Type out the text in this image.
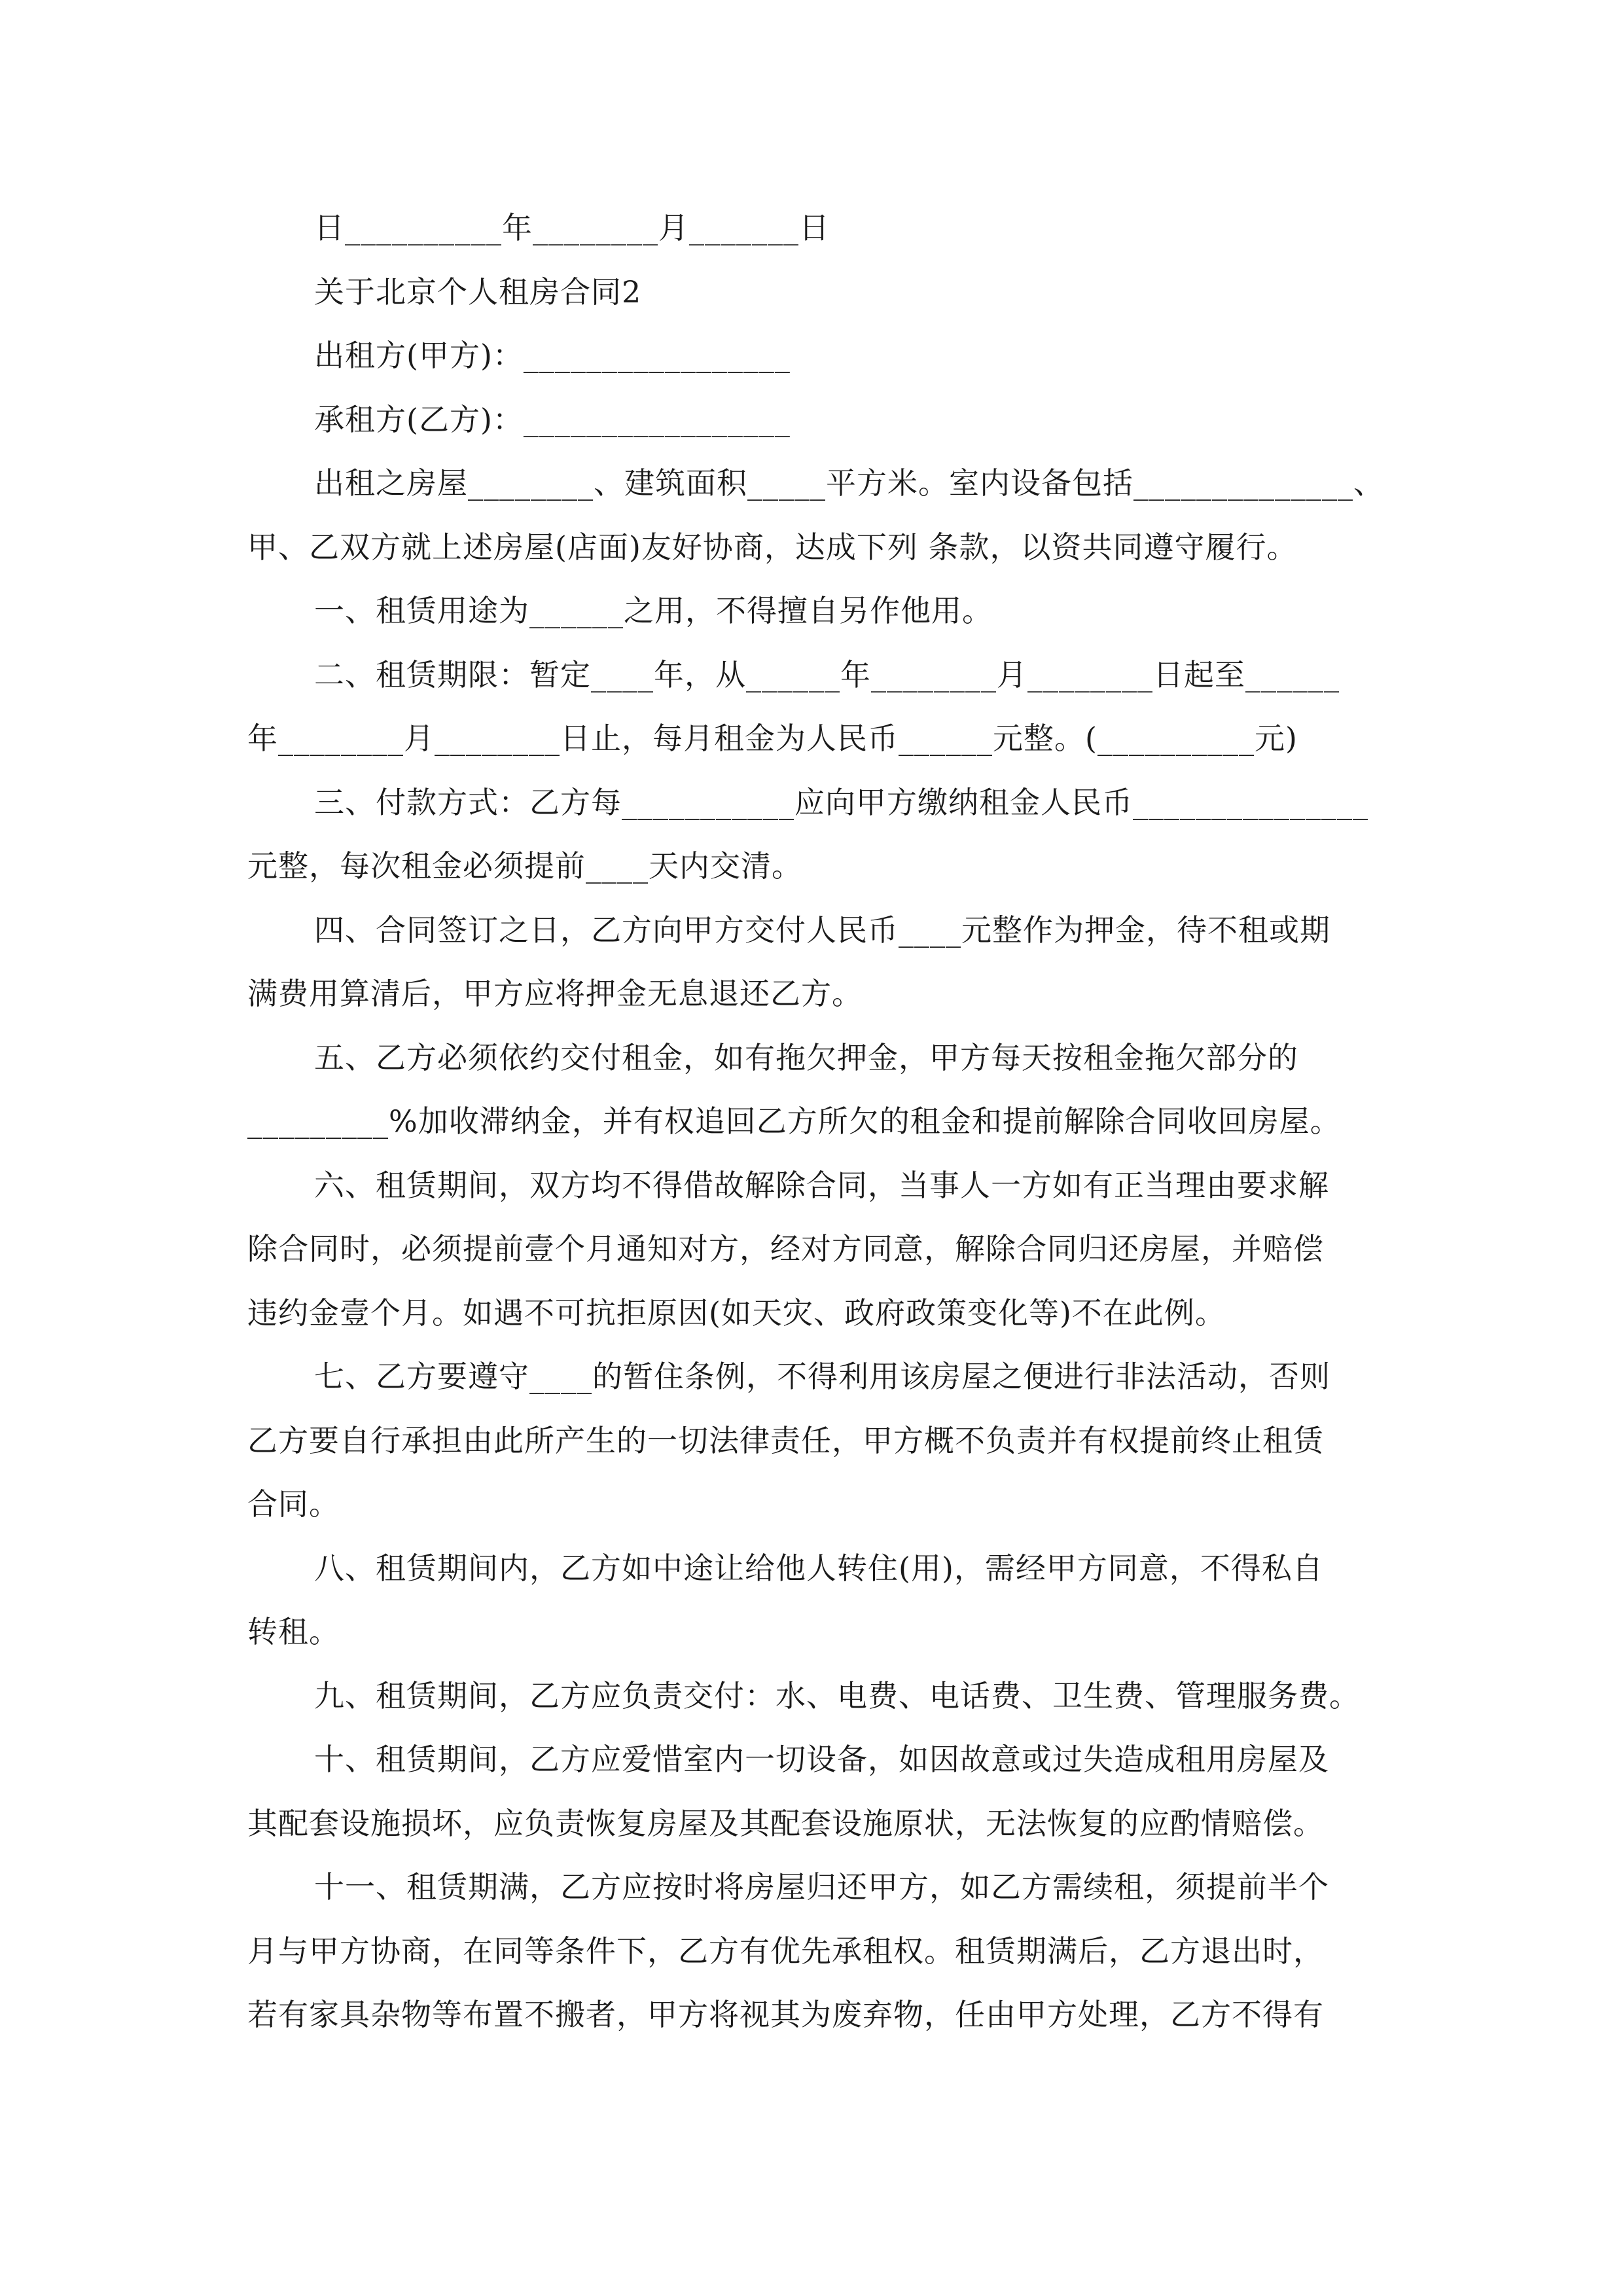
日__________年________月_______日

关于北京个人租房合同2

出租方(甲方)：_________________

承租方(乙方)：_________________

出租之房屋________、建筑面积_____平方米。室内设备包括______________、

甲、乙双方就上述房屋(店面)友好协商，达成下列 条款，以资共同遵守履行。

一、租赁用途为______之用，不得擅自另作他用。

二、租赁期限：暂定____年，从______年________月________日起至______

年________月________日止，每月租金为人民币______元整。(__________元)

三、付款方式：乙方每___________应向甲方缴纳租金人民币_______________

元整，每次租金必须提前____天内交清。

四、合同签订之日，乙方向甲方交付人民币____元整作为押金，待不租或期

满费用算清后，甲方应将押金无息退还乙方。

五、乙方必须依约交付租金，如有拖欠押金，甲方每天按租金拖欠部分的

_________%加收滞纳金，并有权追回乙方所欠的租金和提前解除合同收回房屋。

六、租赁期间，双方均不得借故解除合同，当事人一方如有正当理由要求解

除合同时，必须提前壹个月通知对方，经对方同意，解除合同归还房屋，并赔偿

违约金壹个月。如遇不可抗拒原因(如天灾、政府政策变化等)不在此例。

七、乙方要遵守____的暂住条例，不得利用该房屋之便进行非法活动，否则

乙方要自行承担由此所产生的一切法律责任，甲方概不负责并有权提前终止租赁

合同。

八、租赁期间内，乙方如中途让给他人转住(用)，需经甲方同意，不得私自

转租。

九、租赁期间，乙方应负责交付：水、电费、电话费、卫生费、管理服务费。

十、租赁期间，乙方应爱惜室内一切设备，如因故意或过失造成租用房屋及

其配套设施损坏，应负责恢复房屋及其配套设施原状，无法恢复的应酌情赔偿。

十一、租赁期满，乙方应按时将房屋归还甲方，如乙方需续租，须提前半个

月与甲方协商，在同等条件下，乙方有优先承租权。租赁期满后，乙方退出时，

若有家具杂物等布置不搬者，甲方将视其为废弃物，任由甲方处理，乙方不得有
